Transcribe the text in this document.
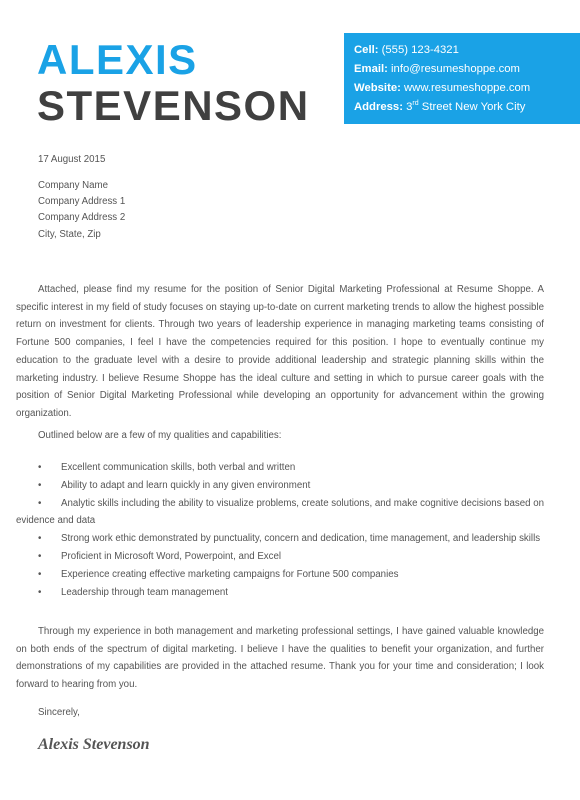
ALEXIS
STEVENSON
Cell: (555) 123-4321
Email: info@resumeshoppe.com
Website: www.resumeshoppe.com
Address: 3rd Street New York City
17 August 2015
Company Name
Company Address 1
Company Address 2
City, State, Zip
Attached, please find my resume for the position of Senior Digital Marketing Professional at Resume Shoppe. A specific interest in my field of study focuses on staying up-to-date on current marketing trends to allow the highest possible return on investment for clients. Through two years of leadership experience in managing marketing teams consisting of Fortune 500 companies, I feel I have the competencies required for this position. I hope to eventually continue my education to the graduate level with a desire to provide additional leadership and strategic planning skills within the marketing industry. I believe Resume Shoppe has the ideal culture and setting in which to pursue career goals with the position of Senior Digital Marketing Professional while developing an opportunity for advancement within the growing organization.
Outlined below are a few of my qualities and capabilities:
• Excellent communication skills, both verbal and written
• Ability to adapt and learn quickly in any given environment
• Analytic skills including the ability to visualize problems, create solutions, and make cognitive decisions based on evidence and data
• Strong work ethic demonstrated by punctuality, concern and dedication, time management, and leadership skills
• Proficient in Microsoft Word, Powerpoint, and Excel
• Experience creating effective marketing campaigns for Fortune 500 companies
• Leadership through team management
Through my experience in both management and marketing professional settings, I have gained valuable knowledge on both ends of the spectrum of digital marketing. I believe I have the qualities to benefit your organization, and further demonstrations of my capabilities are provided in the attached resume. Thank you for your time and consideration; I look forward to hearing from you.
Sincerely,
Alexis Stevenson
